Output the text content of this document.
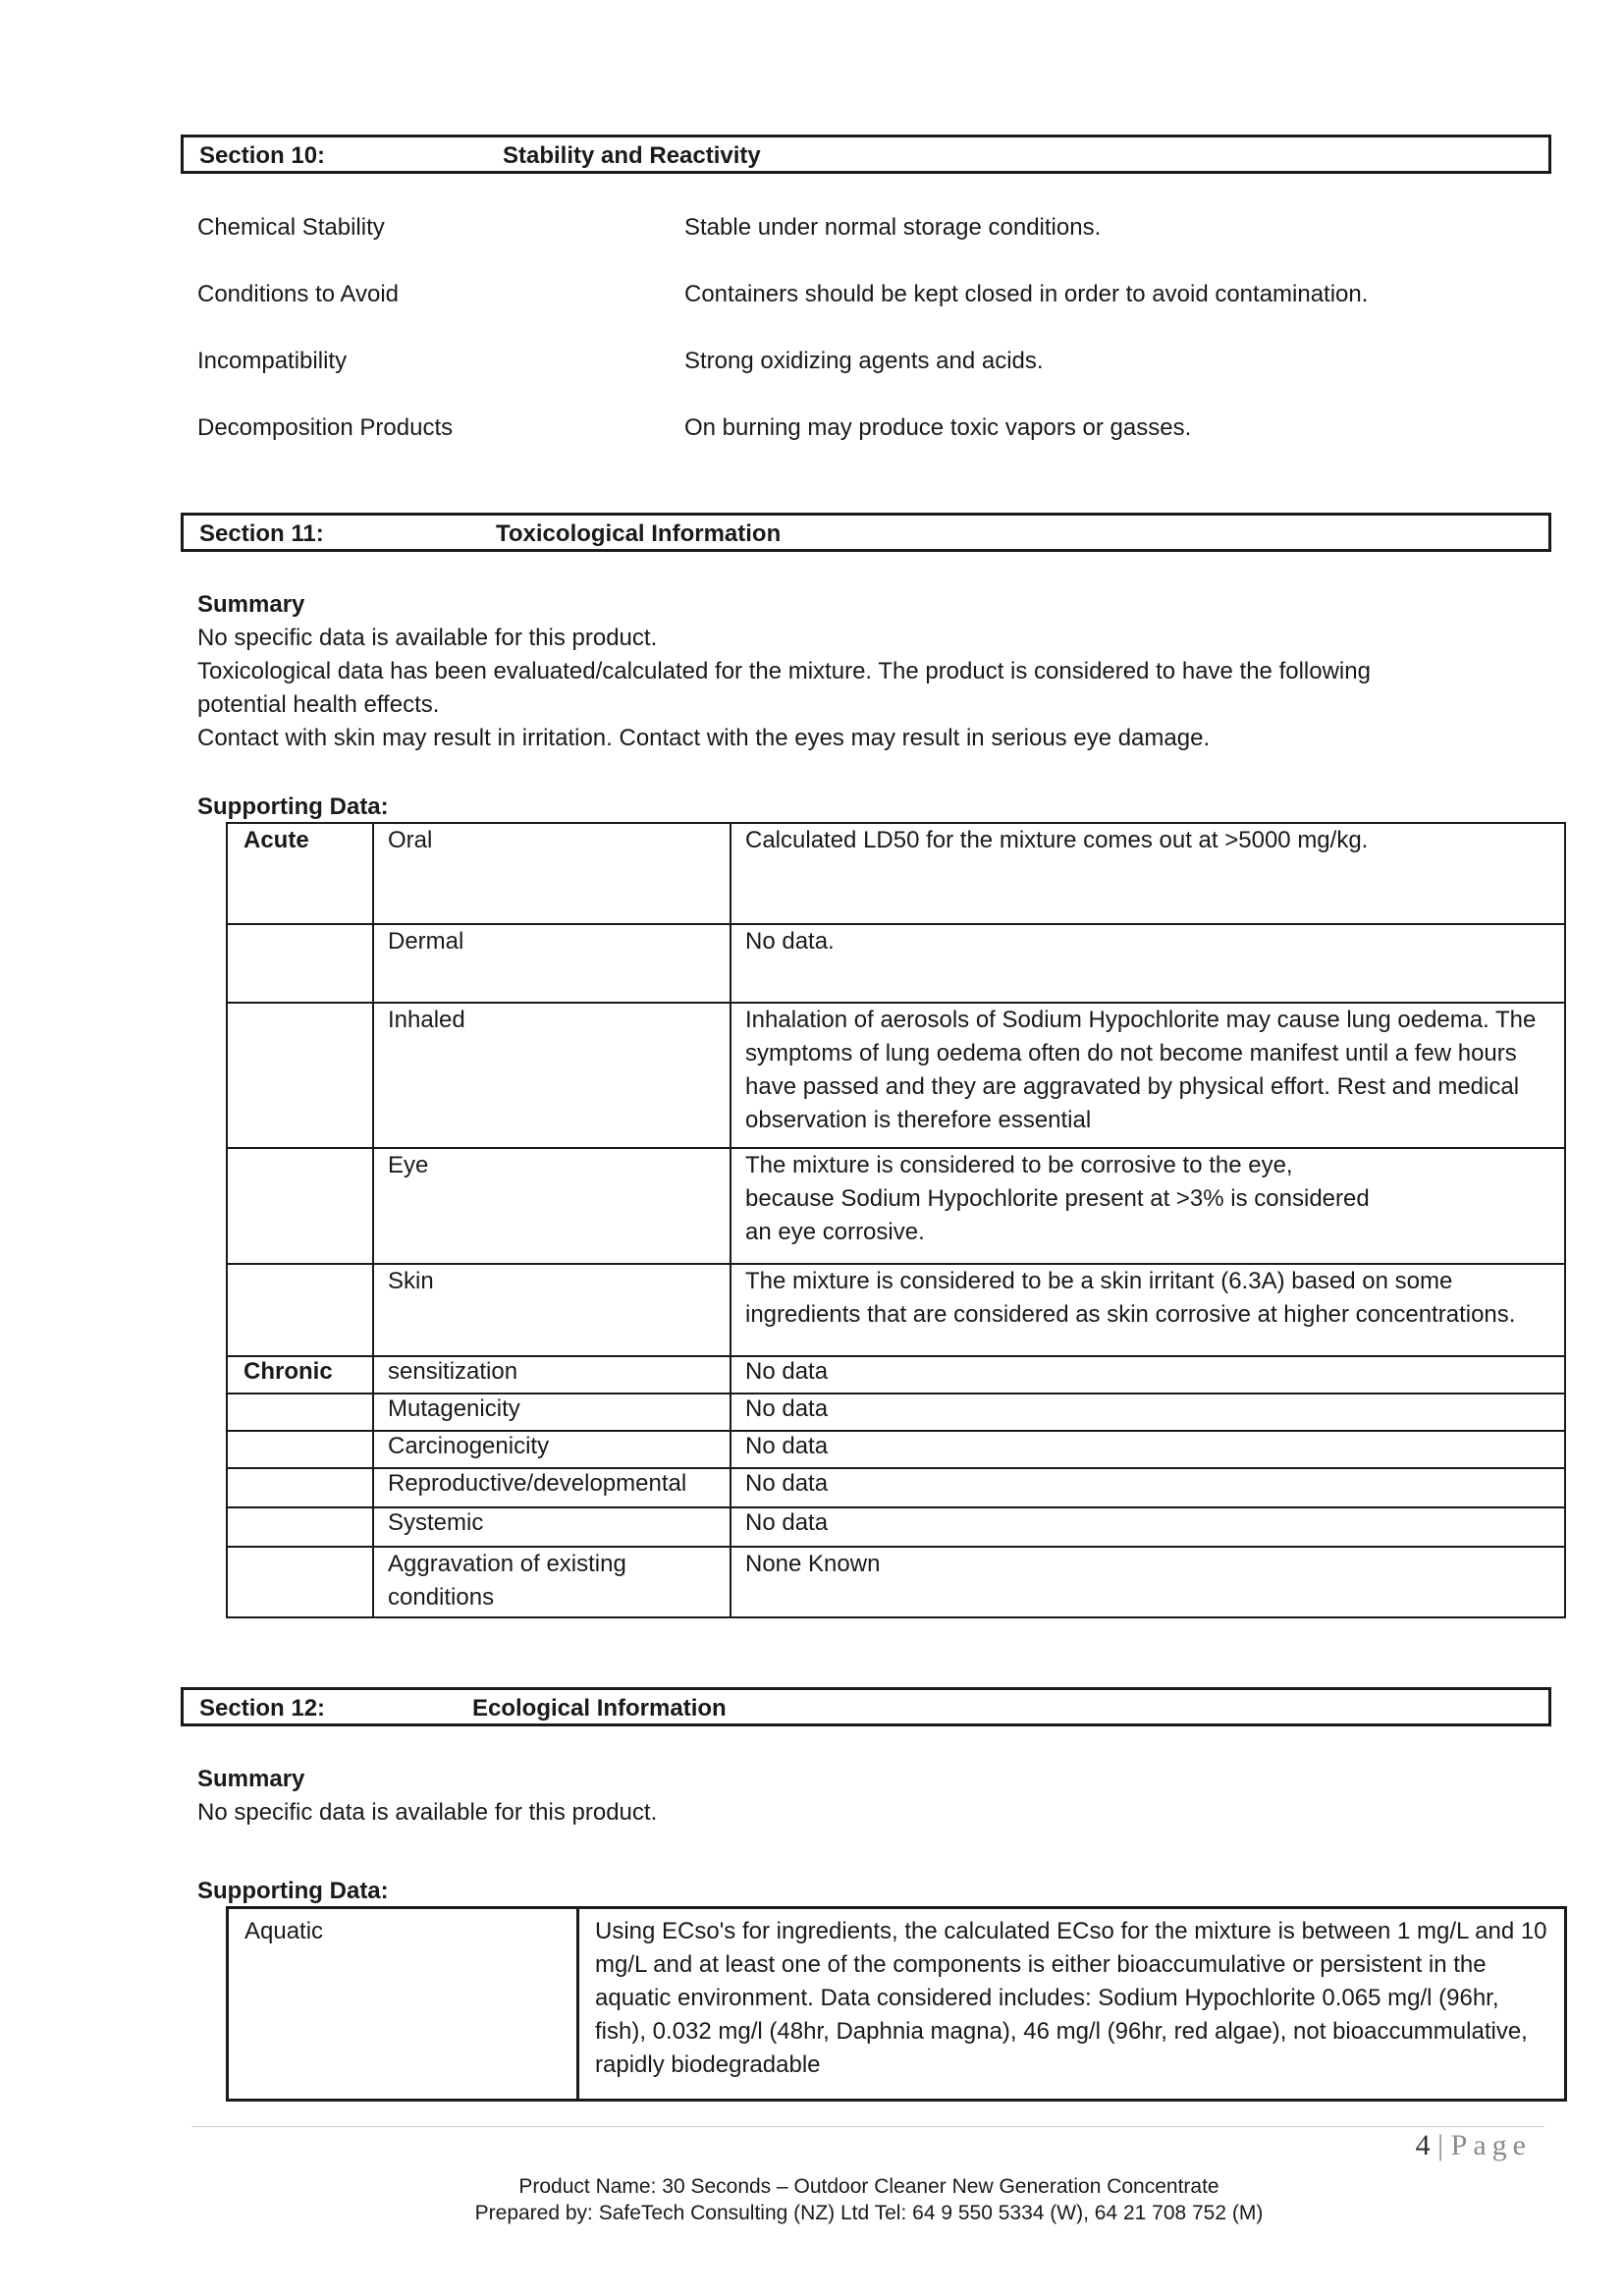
Section 10:	Stability and Reactivity
Chemical Stability	Stable under normal storage conditions.
Conditions to Avoid	Containers should be kept closed in order to avoid contamination.
Incompatibility	Strong oxidizing agents and acids.
Decomposition Products	On burning may produce toxic vapors or gasses.
Section 11:	Toxicological Information
Summary
No specific data is available for this product.
Toxicological data has been evaluated/calculated for the mixture. The product is considered to have the following
potential health effects.
Contact with skin may result in irritation. Contact with the eyes may result in serious eye damage.
Supporting Data:
Acute	Oral	Calculated LD50 for the mixture comes out at >5000 mg/kg.
	Dermal	No data.
	Inhaled	Inhalation of aerosols of Sodium Hypochlorite may cause lung oedema. The symptoms of lung oedema often do not become manifest until a few hours have passed and they are aggravated by physical effort. Rest and medical observation is therefore essential
	Eye	The mixture is considered to be corrosive to the eye,
because Sodium Hypochlorite present at >3% is considered
an eye corrosive.
	Skin	The mixture is considered to be a skin irritant (6.3A) based on some ingredients that are considered as skin corrosive at higher concentrations.
Chronic	sensitization	No data
	Mutagenicity	No data
	Carcinogenicity	No data
	Reproductive/developmental	No data
	Systemic	No data
	Aggravation of existing conditions	None Known
Section 12:	Ecological Information
Summary
No specific data is available for this product.
Supporting Data:
Aquatic	Using ECso's for ingredients, the calculated ECso for the mixture is between 1 mg/L and 10 mg/L and at least one of the components is either bioaccumulative or persistent in the aquatic environment. Data considered includes: Sodium Hypochlorite 0.065 mg/l (96hr, fish), 0.032 mg/l (48hr, Daphnia magna), 46 mg/l (96hr, red algae), not bioaccummulative, rapidly biodegradable
4 | Page
Product Name: 30 Seconds – Outdoor Cleaner New Generation Concentrate
Prepared by: SafeTech Consulting (NZ) Ltd Tel: 64 9 550 5334 (W), 64 21 708 752 (M)
